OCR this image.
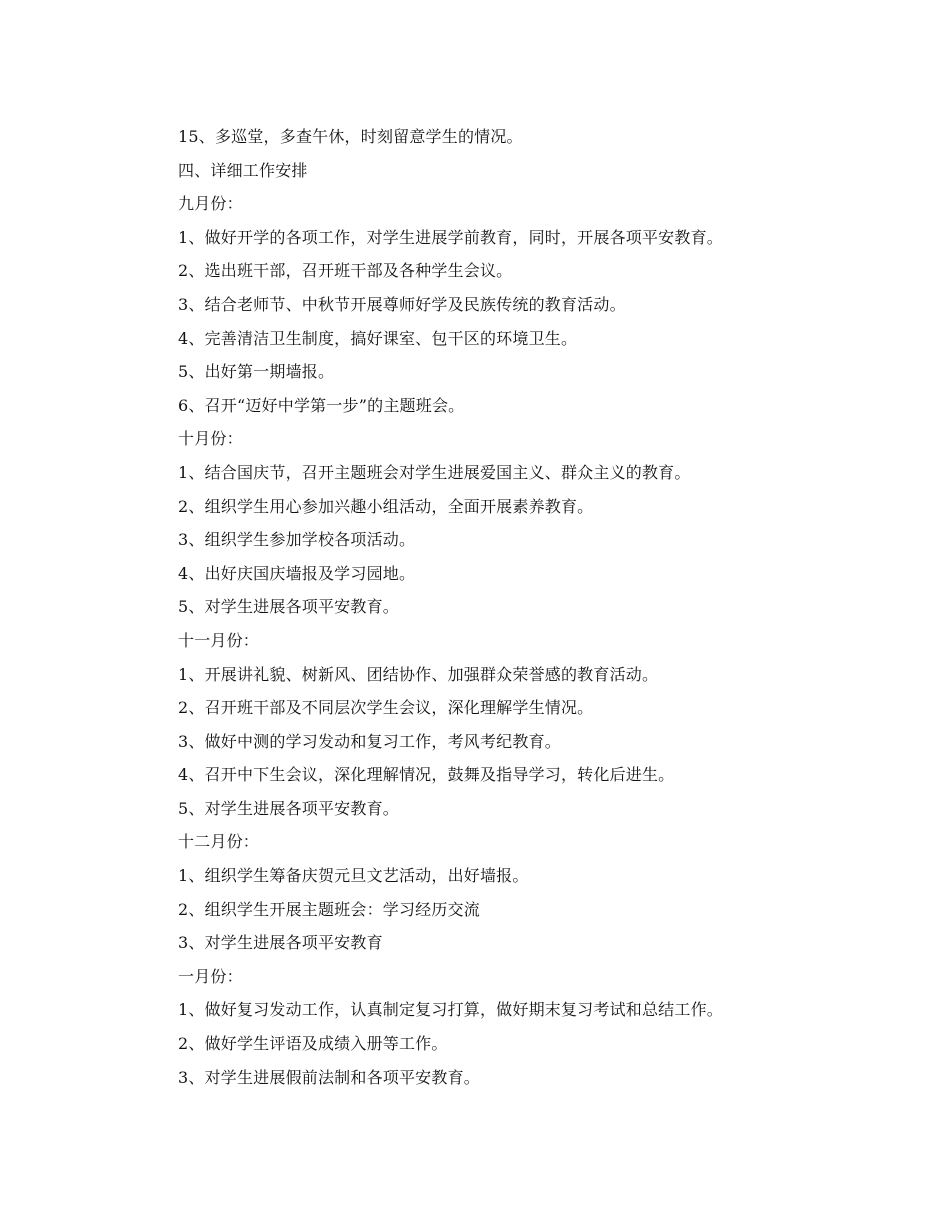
15、多巡堂，多查午休，时刻留意学生的情况。
四、详细工作安排
九月份：
1、做好开学的各项工作，对学生进展学前教育，同时，开展各项平安教育。
2、选出班干部，召开班干部及各种学生会议。
3、结合老师节、中秋节开展尊师好学及民族传统的教育活动。
4、完善清洁卫生制度，搞好课室、包干区的环境卫生。
5、出好第一期墙报。
6、召开“迈好中学第一步”的主题班会。
十月份：
1、结合国庆节，召开主题班会对学生进展爱国主义、群众主义的教育。
2、组织学生用心参加兴趣小组活动，全面开展素养教育。
3、组织学生参加学校各项活动。
4、出好庆国庆墙报及学习园地。
5、对学生进展各项平安教育。
十一月份：
1、开展讲礼貌、树新风、团结协作、加强群众荣誉感的教育活动。
2、召开班干部及不同层次学生会议，深化理解学生情况。
3、做好中测的学习发动和复习工作，考风考纪教育。
4、召开中下生会议，深化理解情况，鼓舞及指导学习，转化后进生。
5、对学生进展各项平安教育。
十二月份：
1、组织学生筹备庆贺元旦文艺活动，出好墙报。
2、组织学生开展主题班会：学习经历交流
3、对学生进展各项平安教育
一月份：
1、做好复习发动工作，认真制定复习打算，做好期末复习考试和总结工作。
2、做好学生评语及成绩入册等工作。
3、对学生进展假前法制和各项平安教育。
